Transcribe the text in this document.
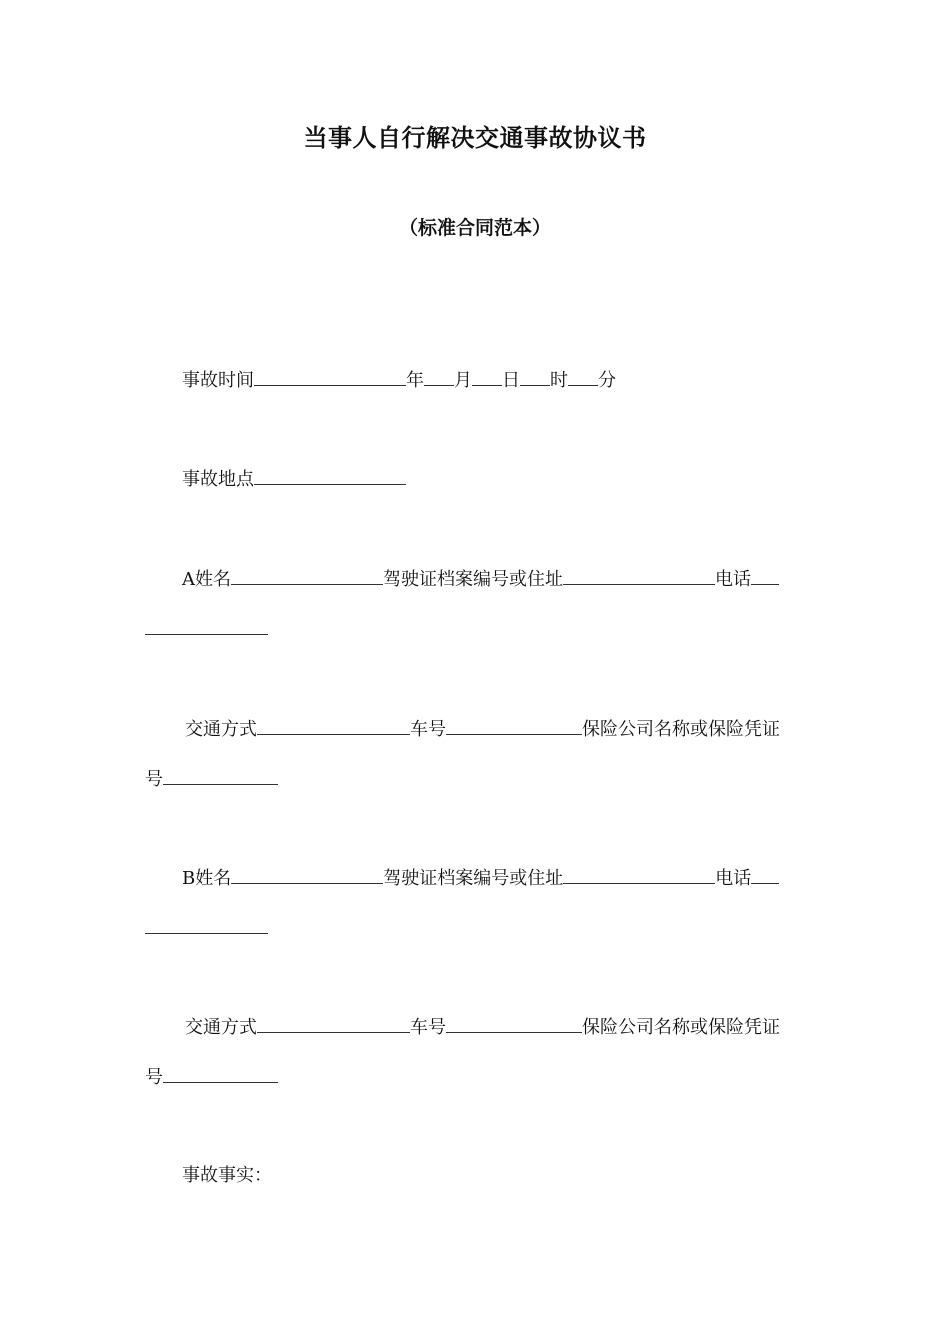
当事人自行解决交通事故协议书
（标准合同范本）
事故时间	年 月 日 时 分
事故地点
A姓名	驾驶证档案编号或住址	电话
交通方式	车号	保险公司名称或保险凭证
号
B姓名	驾驶证档案编号或住址	电话
交通方式	车号	保险公司名称或保险凭证
号
事故事实：
